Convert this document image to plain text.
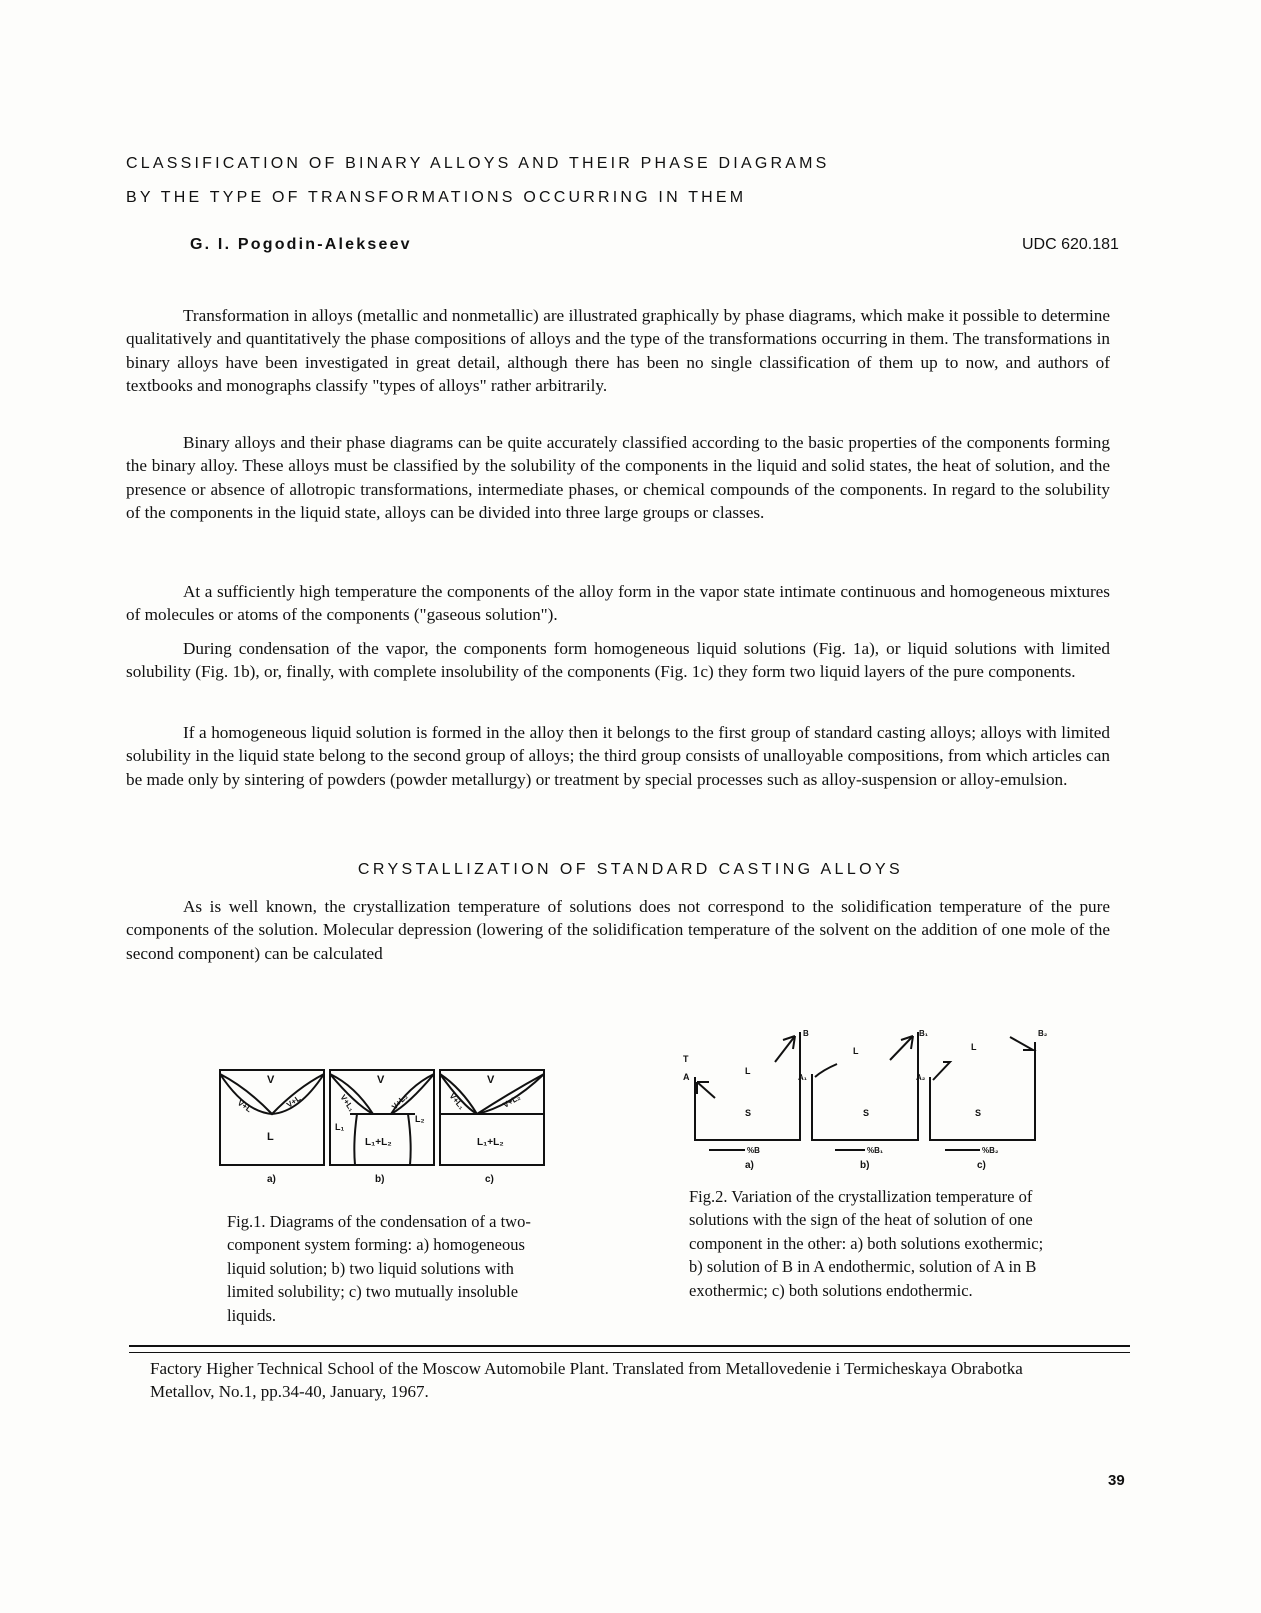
CLASSIFICATION OF BINARY ALLOYS AND THEIR PHASE DIAGRAMS
BY THE TYPE OF TRANSFORMATIONS OCCURRING IN THEM
G. I. Pogodin-Alekseev	UDC 620.181

Transformation in alloys (metallic and nonmetallic) are illustrated graphically by phase diagrams, which make it possible to determine qualitatively and quantitatively the phase compositions of alloys and the type of the transformations occurring in them. The transformations in binary alloys have been investigated in great detail, although there has been no single classification of them up to now, and authors of textbooks and monographs classify "types of alloys" rather arbitrarily.

Binary alloys and their phase diagrams can be quite accurately classified according to the basic properties of the components forming the binary alloy. These alloys must be classified by the solubility of the components in the liquid and solid states, the heat of solution, and the presence or absence of allotropic transformations, intermediate phases, or chemical compounds of the components. In regard to the solubility of the components in the liquid state, alloys can be divided into three large groups or classes.

At a sufficiently high temperature the components of the alloy form in the vapor state intimate continuous and homogeneous mixtures of molecules or atoms of the components ("gaseous solution").

During condensation of the vapor, the components form homogeneous liquid solutions (Fig. 1a), or liquid solutions with limited solubility (Fig. 1b), or, finally, with complete insolubility of the components (Fig. 1c) they form two liquid layers of the pure components.

If a homogeneous liquid solution is formed in the alloy then it belongs to the first group of standard casting alloys; alloys with limited solubility in the liquid state belong to the second group of alloys; the third group consists of unalloyable compositions, from which articles can be made only by sintering of powders (powder metallurgy) or treatment by special processes such as alloy-suspension or alloy-emulsion.

CRYSTALLIZATION OF STANDARD CASTING ALLOYS

As is well known, the crystallization temperature of solutions does not correspond to the solidification temperature of the pure components of the solution. Molecular depression (lowering of the solidification temperature of the solvent on the addition of one mole of the second component) can be calculated

V
V+L	V+L
L
V
V+L₁	V+L₂
L₁
L₂
L₁+L₂
V
V+L₁	V+L₂
L₁+L₂
a)	b)	c)
T
A
B
L
S
%B
A₁
B₁
L
S
%B₁
A₂
B₂
L
S
%B₂
a)	b)	c)

Fig.1. Diagrams of the condensation of a two-component system forming: a) homogeneous liquid solution; b) two liquid solutions with limited solubility; c) two mutually insoluble liquids.

Fig.2. Variation of the crystallization temperature of solutions with the sign of the heat of solution of one component in the other: a) both solutions exothermic; b) solution of B in A endothermic, solution of A in B exothermic; c) both solutions endothermic.

Factory Higher Technical School of the Moscow Automobile Plant. Translated from Metallovedenie i Termicheskaya Obrabotka Metallov, No.1, pp.34-40, January, 1967.

39
